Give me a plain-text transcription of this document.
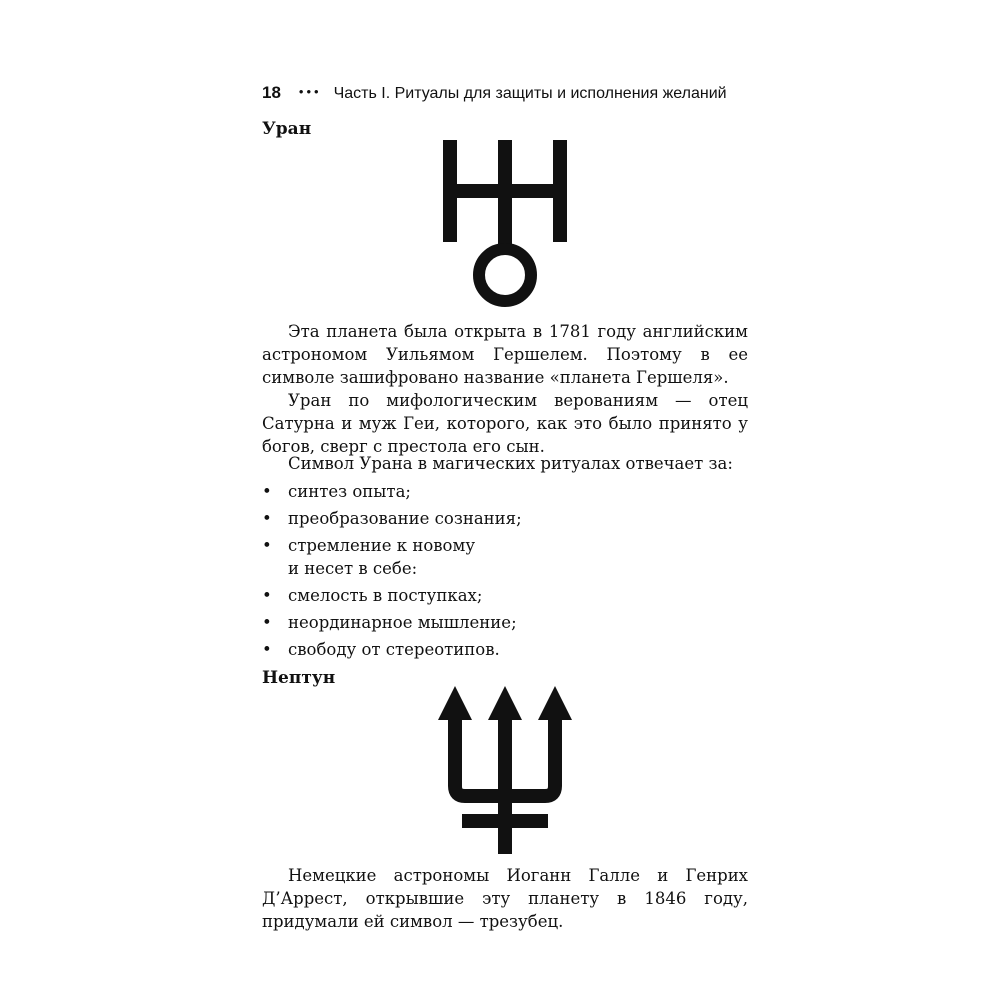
18 ••• Часть I. Ритуалы для защиты и исполнения желаний
Уран

Эта планета была открыта в 1781 году английским астрономом Уильямом Гершелем. Поэтому в ее символе зашифровано название «планета Гершеля».

Уран по мифологическим верованиям — отец Сатурна и муж Геи, которого, как это было принято у богов, сверг с престола его сын.

Символ Урана в магических ритуалах отвечает за:

• синтез опыта;
• преобразование сознания;
• стремление к новому
и несет в себе:
• смелость в поступках;
• неординарное мышление;
• свободу от стереотипов.
Нептун

Немецкие астрономы Иоганн Галле и Генрих Д’Аррест, открывшие эту планету в 1846 году, придумали ей символ — трезубец.
